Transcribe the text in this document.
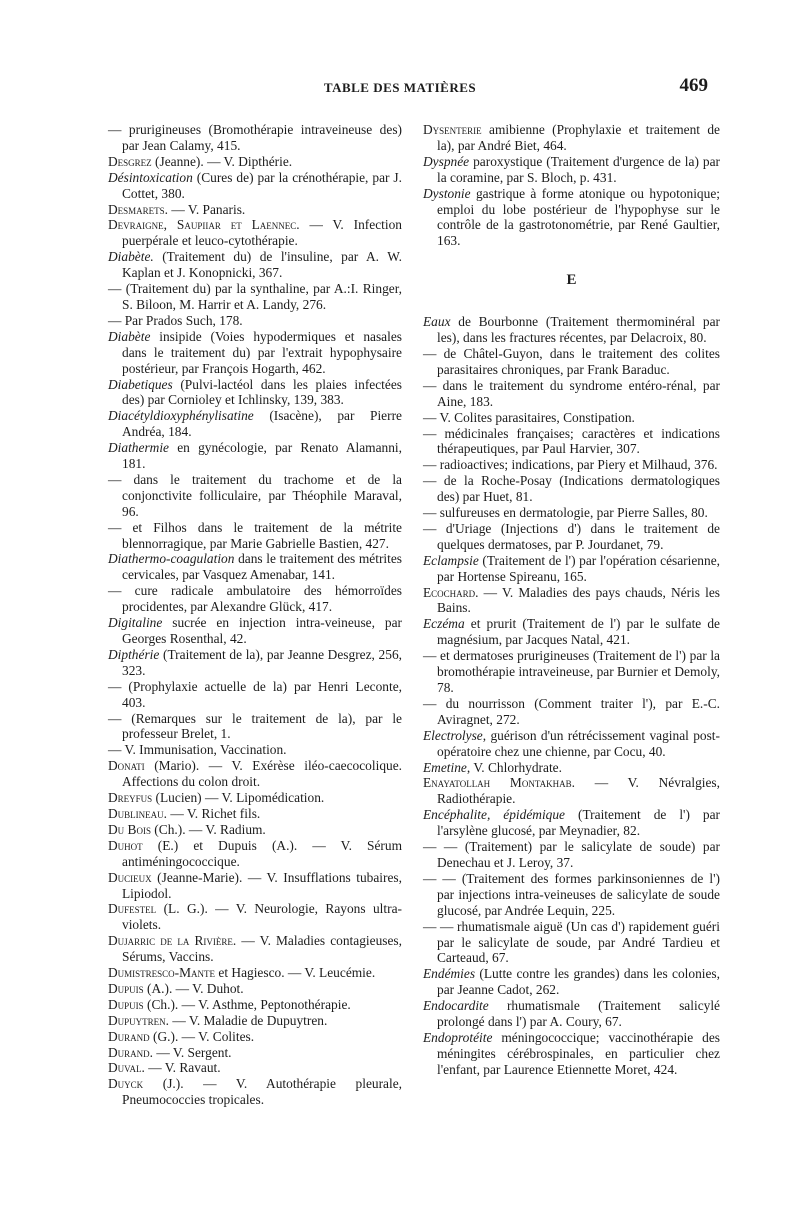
TABLE DES MATIÈRES	469

— prurigineuses (Bromothérapie intraveineuse des) par Jean Calamy, 415.

Desgrez (Jeanne). — V. Dipthérie.

Désintoxication (Cures de) par la crénothérapie, par J. Cottet, 380.

Desmarets. — V. Panaris.

Devraigne, Saupiiar et Laennec. — V. Infection puerpérale et leuco-cytothérapie.

Diabète. (Traitement du) de l'insuline, par A. W. Kaplan et J. Konopnicki, 367.

— (Traitement du) par la synthaline, par A.:I. Ringer, S. Biloon, M. Harrir et A. Landy, 276.

— Par Prados Such, 178.

Diabète insipide (Voies hypodermiques et nasales dans le traitement du) par l'extrait hypophysaire postérieur, par François Hogarth, 462.

Diabetiques (Pulvi-lactéol dans les plaies infectées des) par Cornioley et Ichlinsky, 139, 383.

Diacétyldioxyphénylisatine (Isacène), par Pierre Andréa, 184.

Diathermie en gynécologie, par Renato Alamanni, 181.

— dans le traitement du trachome et de la conjonctivite folliculaire, par Théophile Maraval, 96.

— et Filhos dans le traitement de la métrite blennorragique, par Marie Gabrielle Bastien, 427.

Diathermo-coagulation dans le traitement des métrites cervicales, par Vasquez Amenabar, 141.

— cure radicale ambulatoire des hémorroïdes procidentes, par Alexandre Glück, 417.

Digitaline sucrée en injection intra-veineuse, par Georges Rosenthal, 42.

Dipthérie (Traitement de la), par Jeanne Desgrez, 256, 323.

— (Prophylaxie actuelle de la) par Henri Leconte, 403.

— (Remarques sur le traitement de la), par le professeur Brelet, 1.

— V. Immunisation, Vaccination.

Donati (Mario). — V. Exérèse iléo-caecocolique. Affections du colon droit.

Dreyfus (Lucien) — V. Lipomédication.

Dublineau. — V. Richet fils.

Du Bois (Ch.). — V. Radium.

Duhot (E.) et Dupuis (A.). — V. Sérum antiméningococcique.

Ducieux (Jeanne-Marie). — V. Insufflations tubaires, Lipiodol.

Dufestel (L. G.). — V. Neurologie, Rayons ultra-violets.

Dujarric de la Rivière. — V. Maladies contagieuses, Sérums, Vaccins.

Dumistresco-Mante et Hagiesco. — V. Leucémie.

Dupuis (A.). — V. Duhot.

Dupuis (Ch.). — V. Asthme, Peptonothérapie.

Dupuytren. — V. Maladie de Dupuytren.

Durand (G.). — V. Colites.

Durand. — V. Sergent.

Duval. — V. Ravaut.

Duyck (J.). — V. Autothérapie pleurale, Pneumococcies tropicales.

Dysenterie amibienne (Prophylaxie et traitement de la), par André Biet, 464.

Dyspnée paroxystique (Traitement d'urgence de la) par la coramine, par S. Bloch, p. 431.

Dystonie gastrique à forme atonique ou hypotonique; emploi du lobe postérieur de l'hypophyse sur le contrôle de la gastrotonométrie, par René Gaultier, 163.

E

Eaux de Bourbonne (Traitement thermominéral par les), dans les fractures récentes, par Delacroix, 80.

— de Châtel-Guyon, dans le traitement des colites parasitaires chroniques, par Frank Baraduc.

— dans le traitement du syndrome entéro-rénal, par Aine, 183.

— V. Colites parasitaires, Constipation.

— médicinales françaises; caractères et indications thérapeutiques, par Paul Harvier, 307.

— radioactives; indications, par Piery et Milhaud, 376.

— de la Roche-Posay (Indications dermatologiques des) par Huet, 81.

— sulfureuses en dermatologie, par Pierre Salles, 80.

— d'Uriage (Injections d') dans le traitement de quelques dermatoses, par P. Jourdanet, 79.

Eclampsie (Traitement de l') par l'opération césarienne, par Hortense Spireanu, 165.

Ecochard. — V. Maladies des pays chauds, Néris les Bains.

Eczéma et prurit (Traitement de l') par le sulfate de magnésium, par Jacques Natal, 421.

— et dermatoses prurigineuses (Traitement de l') par la bromothérapie intraveineuse, par Burnier et Demoly, 78.

— du nourrisson (Comment traiter l'), par E.-C. Aviragnet, 272.

Electrolyse, guérison d'un rétrécissement vaginal post-opératoire chez une chienne, par Cocu, 40.

Emetine, V. Chlorhydrate.

Enayatollah Montakhab. — V. Névralgies, Radiothérapie.

Encéphalite, épidémique (Traitement de l') par l'arsylène glucosé, par Meynadier, 82.

— — (Traitement) par le salicylate de soude) par Denechau et J. Leroy, 37.

— — (Traitement des formes parkinsoniennes de l') par injections intra-veineuses de salicylate de soude glucosé, par Andrée Lequin, 225.

— — rhumatismale aiguë (Un cas d') rapidement guéri par le salicylate de soude, par André Tardieu et Carteaud, 67.

Endémies (Lutte contre les grandes) dans les colonies, par Jeanne Cadot, 262.

Endocardite rhumatismale (Traitement salicylé prolongé dans l') par A. Coury, 67.

Endoprotéite méningococcique; vaccinothérapie des méningites cérébrospinales, en particulier chez l'enfant, par Laurence Etiennette Moret, 424.
